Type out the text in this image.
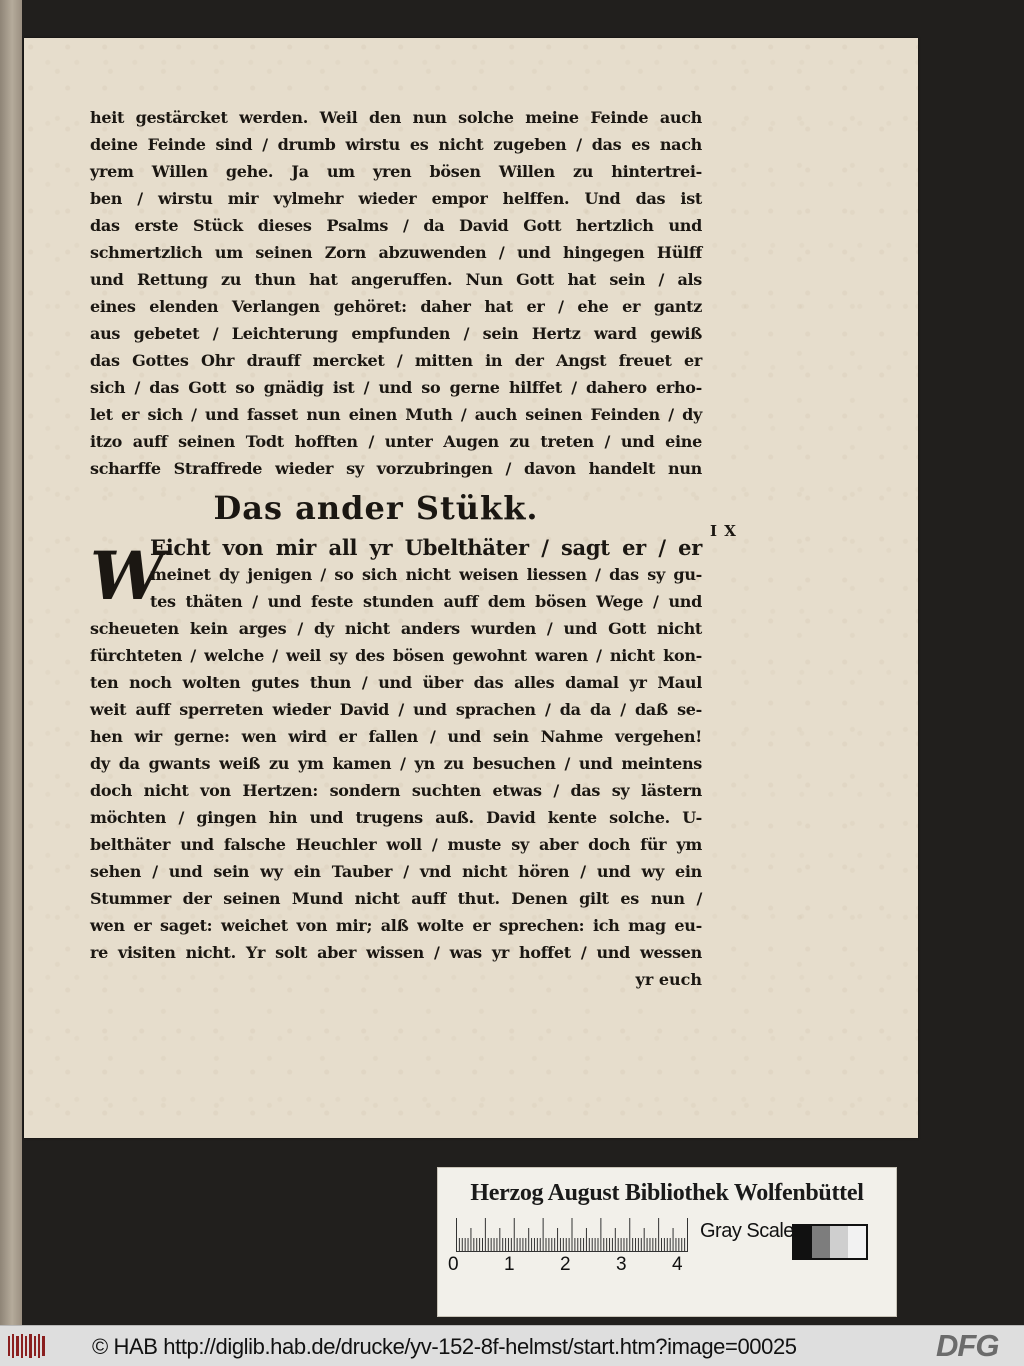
heit gestärcket werden. Weil den nun solche meine Feinde auch
deine Feinde sind / drumb wirstu es nicht zugeben / das es nach
yrem Willen gehe. Ja um yren bösen Willen zu hintertrei-
ben / wirstu mir vylmehr wieder empor helffen. Und das ist
das erste Stück dieses Psalms / da David Gott hertzlich und
schmertzlich um seinen Zorn abzuwenden / und hingegen Hülff
und Rettung zu thun hat angeruffen. Nun Gott hat sein / als
eines elenden Verlangen gehöret: daher hat er / ehe er gantz
aus gebetet / Leichterung empfunden / sein Hertz ward gewiß
das Gottes Ohr drauff mercket / mitten in der Angst freuet er
sich / das Gott so gnädig ist / und so gerne hilffet / dahero erho-
let er sich / und fasset nun einen Muth / auch seinen Feinden / dy
itzo auff seinen Todt hofften / unter Augen zu treten / und eine
scharffe Straffrede wieder sy vorzubringen / davon handelt nun
Das ander Stükk.
W
Eicht von mir all yr Ubelthäter / sagt er / er
meinet dy jenigen / so sich nicht weisen liessen / das sy gu-
tes thäten / und feste stunden auff dem bösen Wege / und
scheueten kein arges / dy nicht anders wurden / und Gott nicht
fürchteten / welche / weil sy des bösen gewohnt waren / nicht kon-
ten noch wolten gutes thun / und über das alles damal yr Maul
weit auff sperreten wieder David / und sprachen / da da / daß se-
hen wir gerne: wen wird er fallen / und sein Nahme vergehen!
dy da gwants weiß zu ym kamen / yn zu besuchen / und meintens
doch nicht von Hertzen: sondern suchten etwas / das sy lästern
möchten / gingen hin und trugens auß. David kente solche. U-
belthäter und falsche Heuchler woll / muste sy aber doch für ym
sehen / und sein wy ein Tauber / vnd nicht hören / und wy ein
Stummer der seinen Mund nicht auff thut. Denen gilt es nun /
wen er saget: weichet von mir; alß wolte er sprechen: ich mag eu-
re visiten nicht. Yr solt aber wissen / was yr hoffet / und wessen
yr euch
I X
Herzog August Bibliothek Wolfenbüttel
0 1 2 3 4
Gray Scale
© HAB http://diglib.hab.de/drucke/yv-152-8f-helmst/start.htm?image=00025	DFG
